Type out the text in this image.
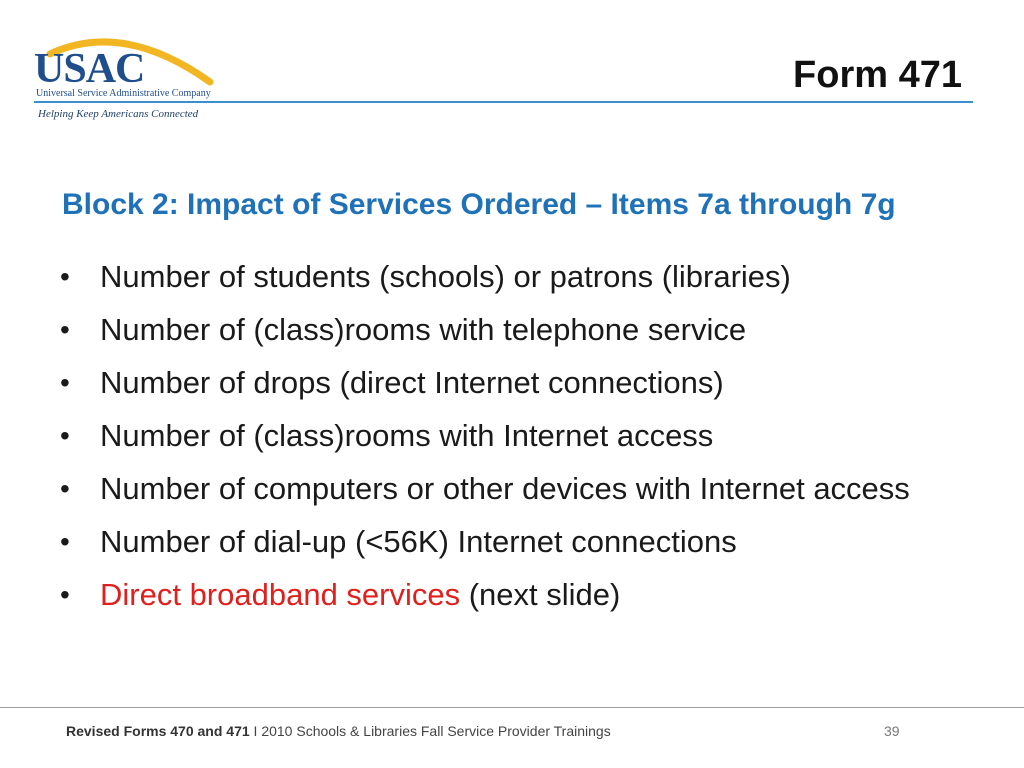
USAC
Universal Service Administrative Company
Helping Keep Americans Connected
Form 471
Block 2: Impact of Services Ordered – Items 7a through 7g
• Number of students (schools) or patrons (libraries)
• Number of (class)rooms with telephone service
• Number of drops (direct Internet connections)
• Number of (class)rooms with Internet access
• Number of computers or other devices with Internet access
• Number of dial-up (<56K) Internet connections
• Direct broadband services (next slide)
Revised Forms 470 and 471 I 2010 Schools & Libraries Fall Service Provider Trainings	39
